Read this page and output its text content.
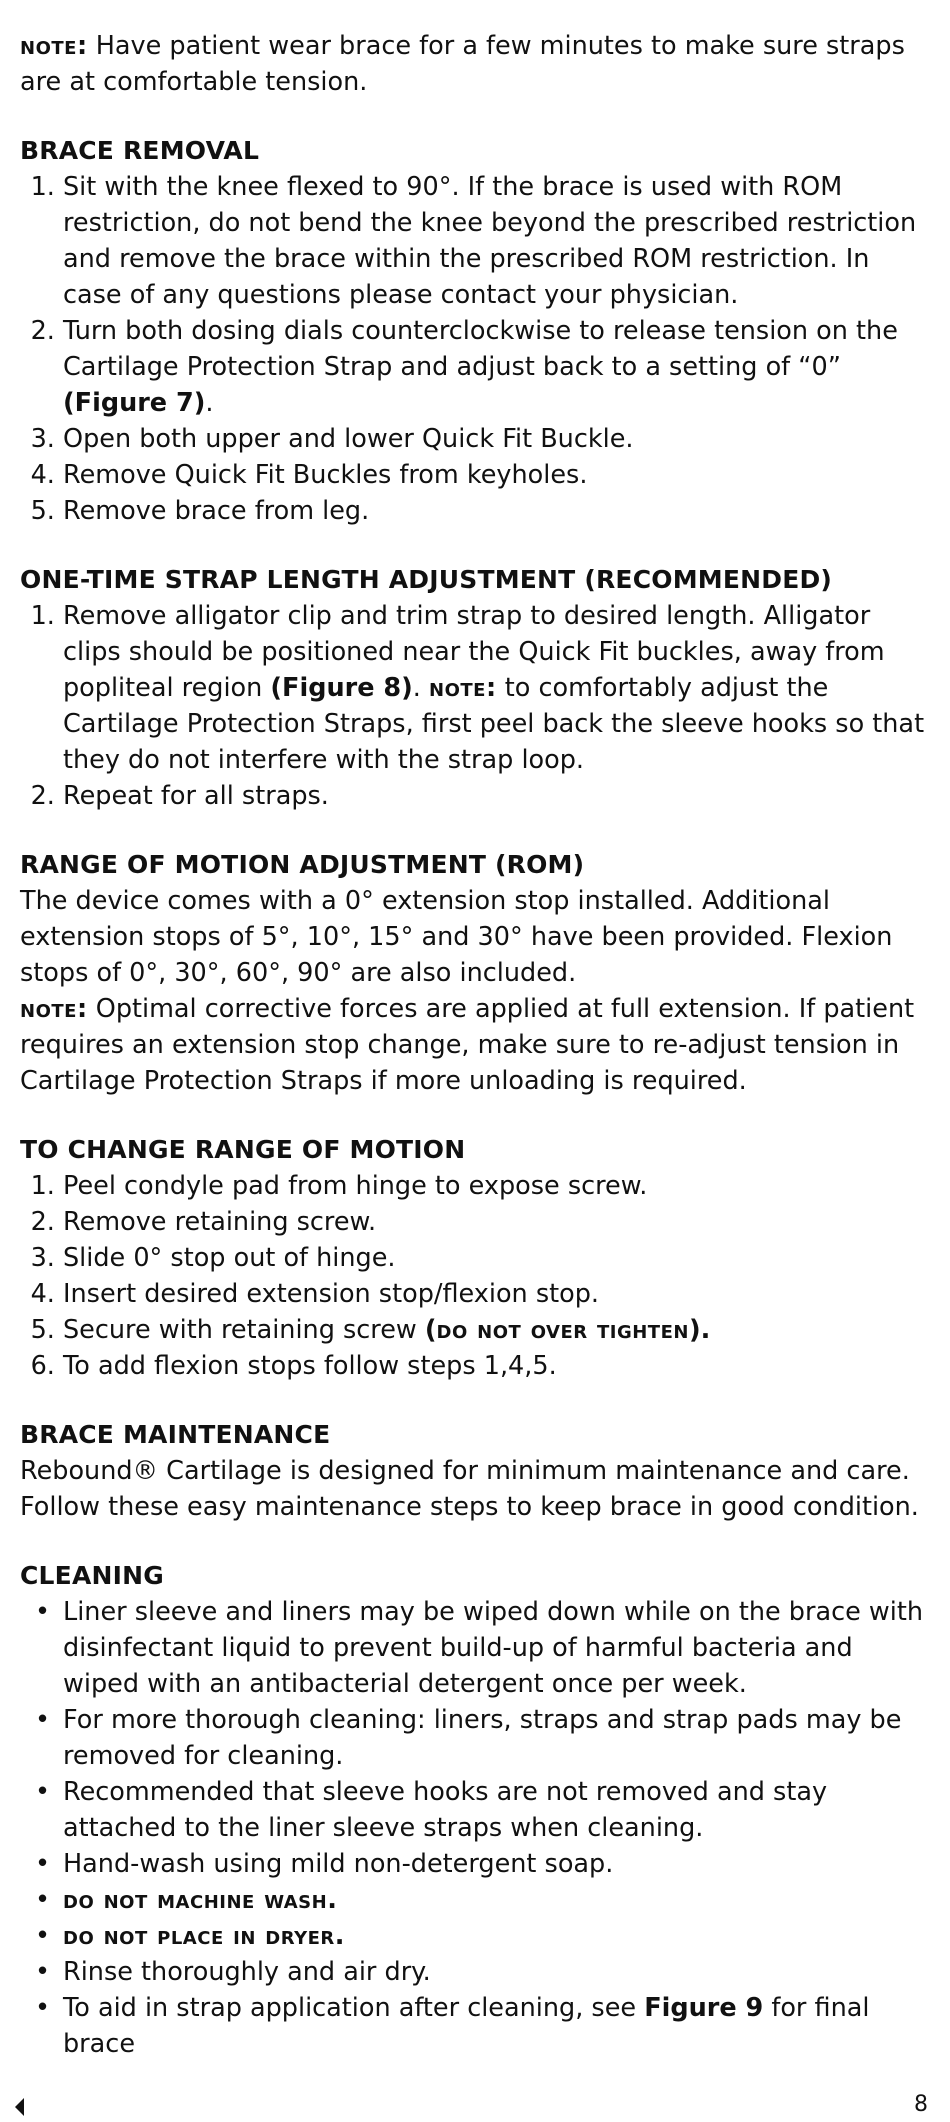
note: Have patient wear brace for a few minutes to make sure straps are at comfortable tension.

BRACE REMOVAL
1. Sit with the knee flexed to 90°. If the brace is used with ROM restriction, do not bend the knee beyond the prescribed restriction and remove the brace within the prescribed ROM restriction. In case of any questions please contact your physician.
2. Turn both dosing dials counterclockwise to release tension on the Cartilage Protection Strap and adjust back to a setting of “0”
(Figure 7).
3. Open both upper and lower Quick Fit Buckle.
4. Remove Quick Fit Buckles from keyholes.
5. Remove brace from leg.
ONE-TIME STRAP LENGTH ADJUSTMENT (RECOMMENDED)
1. Remove alligator clip and trim strap to desired length. Alligator clips should be positioned near the Quick Fit buckles, away from popliteal region (Figure 8). note: to comfortably adjust the Cartilage Protection Straps, first peel back the sleeve hooks so that they do not interfere with the strap loop.
2. Repeat for all straps.
RANGE OF MOTION ADJUSTMENT (ROM)

The device comes with a 0° extension stop installed. Additional extension stops of 5°, 10°, 15° and 30° have been provided. Flexion stops of 0°, 30°, 60°, 90° are also included.

note: Optimal corrective forces are applied at full extension. If patient requires an extension stop change, make sure to re-adjust tension in Cartilage Protection Straps if more unloading is required.

TO CHANGE RANGE OF MOTION
1. Peel condyle pad from hinge to expose screw.
2. Remove retaining screw.
3. Slide 0° stop out of hinge.
4. Insert desired extension stop/flexion stop.
5. Secure with retaining screw (do not over tighten).
6. To add flexion stops follow steps 1,4,5.
BRACE MAINTENANCE

Rebound® Cartilage is designed for minimum maintenance and care. Follow these easy maintenance steps to keep brace in good condition.

CLEANING
• Liner sleeve and liners may be wiped down while on the brace with disinfectant liquid to prevent build-up of harmful bacteria and wiped with an antibacterial detergent once per week.
• For more thorough cleaning: liners, straps and strap pads may be removed for cleaning.
• Recommended that sleeve hooks are not removed and stay attached to the liner sleeve straps when cleaning.
• Hand-wash using mild non-detergent soap.
• do not machine wash.
• do not place in dryer.
• Rinse thoroughly and air dry.
• To aid in strap application after cleaning, see Figure 9 for final brace
8
